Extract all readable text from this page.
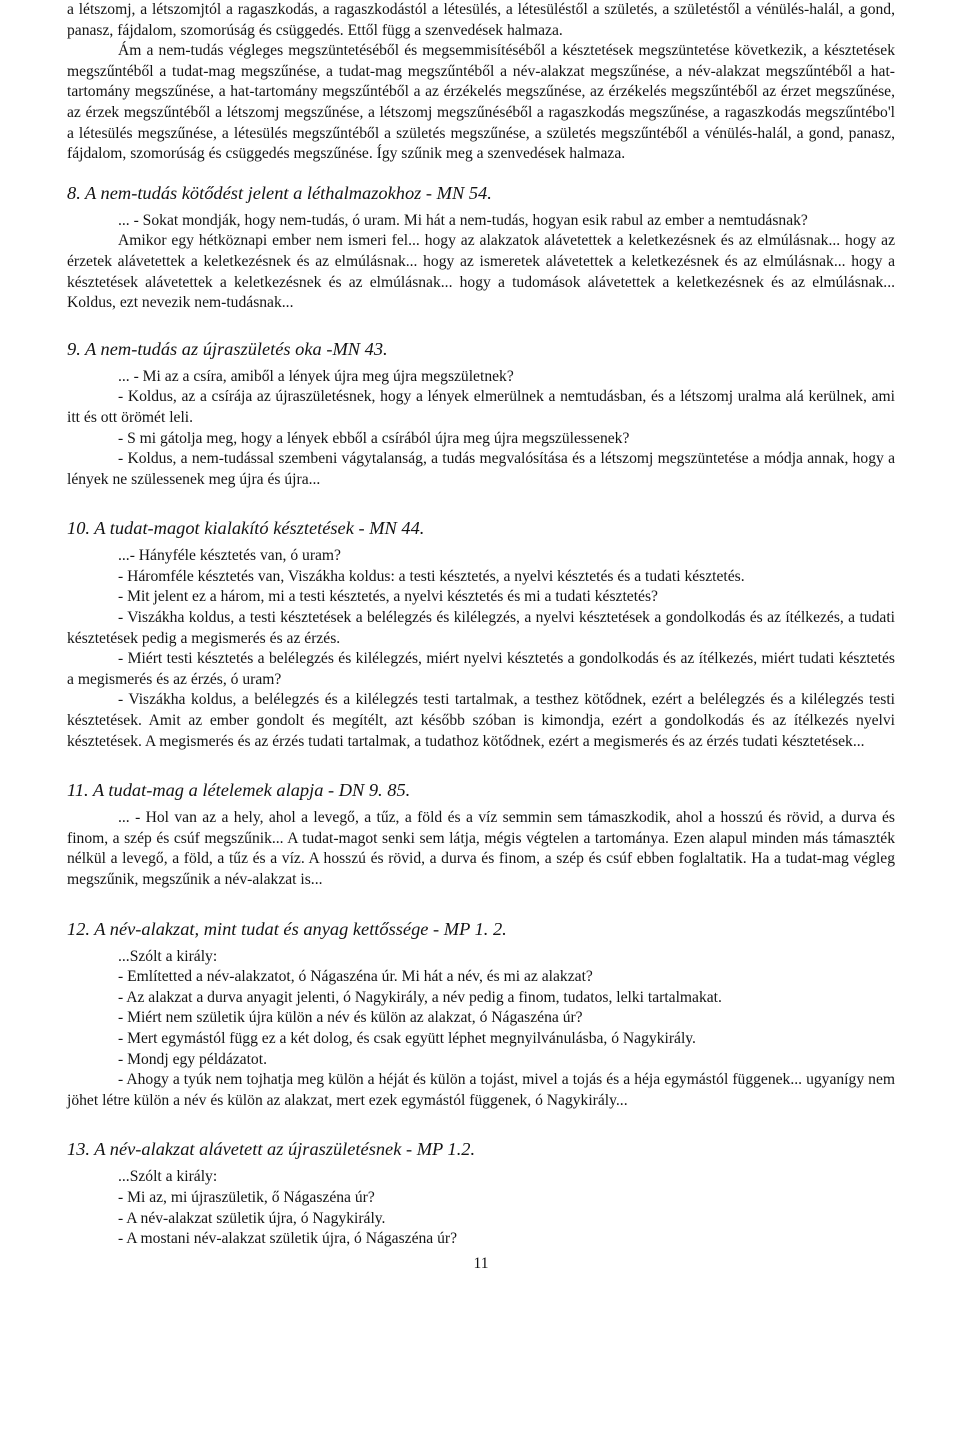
a létszomj, a létszomjtól a ragaszkodás, a ragaszkodástól a létesülés, a létesüléstől a születés, a születéstől a vénülés-halál, a gond, panasz, fájdalom, szomorúság és csüggedés. Ettől függ a szenvedések halmaza.

Ám a nem-tudás végleges megszüntetéséből és megsemmisítéséből a késztetések megszüntetése következik, a késztetések megszűntéből a tudat-mag megszűnése, a tudat-mag megszűntéből a név-alakzat megszűnése, a név-alakzat megszűntéből a hat-tartomány megszűnése, a hat-tartomány megszűntéből a az érzékelés megszűnése, az érzékelés megszűntéből az érzet megszűnése, az érzek megszűntéből a létszomj megszűnése, a létszomj megszűnéséből a ragaszkodás megszűnése, a ragaszkodás megszűntébo'l a létesülés megszűnése, a létesülés megszűntéből a születés megszűnése, a születés megszűntéből a vénülés-halál, a gond, panasz, fájdalom, szomorúság és csüggedés megszűnése. Így szűnik meg a szenvedések halmaza.

8. A nem-tudás kötődést jelent a léthalmazokhoz - MN 54.

... - Sokat mondják, hogy nem-tudás, ó uram. Mi hát a nem-tudás, hogyan esik rabul az ember a nemtudásnak?

Amikor egy hétköznapi ember nem ismeri fel... hogy az alakzatok alávetettek a keletkezésnek és az elmúlásnak... hogy az érzetek alávetettek a keletkezésnek és az elmúlásnak... hogy az ismeretek alávetettek a keletkezésnek és az elmúlásnak... hogy a késztetések alávetettek a keletkezésnek és az elmúlásnak... hogy a tudomások alávetettek a keletkezésnek és az elmúlásnak... Koldus, ezt nevezik nem-tudásnak...

9. A nem-tudás az újraszületés oka -MN 43.

... - Mi az a csíra, amiből a lények újra meg újra megszületnek?

- Koldus, az a csírája az újraszületésnek, hogy a lények elmerülnek a nemtudásban, és a létszomj uralma alá kerülnek, ami itt és ott örömét leli.

- S mi gátolja meg, hogy a lények ebből a csírából újra meg újra megszülessenek?

- Koldus, a nem-tudással szembeni vágytalanság, a tudás megvalósítása és a létszomj megszüntetése a módja annak, hogy a lények ne szülessenek meg újra és újra...

10. A tudat-magot kialakító késztetések - MN 44.

...- Hányféle késztetés van, ó uram?

- Háromféle késztetés van, Viszákha koldus: a testi késztetés, a nyelvi késztetés és a tudati késztetés.

- Mit jelent ez a három, mi a testi késztetés, a nyelvi késztetés és mi a tudati késztetés?

- Viszákha koldus, a testi késztetések a belélegzés és kilélegzés, a nyelvi késztetések a gondolkodás és az ítélkezés, a tudati késztetések pedig a megismerés és az érzés.

- Miért testi késztetés a belélegzés és kilélegzés, miért nyelvi késztetés a gondolkodás és az ítélkezés, miért tudati késztetés a megismerés és az érzés, ó uram?

- Viszákha koldus, a belélegzés és a kilélegzés testi tartalmak, a testhez kötődnek, ezért a belélegzés és a kilélegzés testi késztetések. Amit az ember gondolt és megítélt, azt később szóban is kimondja, ezért a gondolkodás és az ítélkezés nyelvi késztetések. A megismerés és az érzés tudati tartalmak, a tudathoz kötődnek, ezért a megismerés és az érzés tudati késztetések...

11. A tudat-mag a lételemek alapja - DN 9. 85.

... - Hol van az a hely, ahol a levegő, a tűz, a föld és a víz semmin sem támaszkodik, ahol a hosszú és rövid, a durva és finom, a szép és csúf megszűnik... A tudat-magot senki sem látja, mégis végtelen a tartománya. Ezen alapul minden más támaszték nélkül a levegő, a föld, a tűz és a víz. A hosszú és rövid, a durva és finom, a szép és csúf ebben foglaltatik. Ha a tudat-mag végleg megszűnik, megszűnik a név-alakzat is...

12. A név-alakzat, mint tudat és anyag kettőssége - MP 1. 2.

...Szólt a király:

- Említetted a név-alakzatot, ó Nágaszéna úr. Mi hát a név, és mi az alakzat?

- Az alakzat a durva anyagit jelenti, ó Nagykirály, a név pedig a finom, tudatos, lelki tartalmakat.

- Miért nem születik újra külön a név és külön az alakzat, ó Nágaszéna úr?

- Mert egymástól függ ez a két dolog, és csak együtt léphet megnyilvánulásba, ó Nagykirály.

- Mondj egy példázatot.

- Ahogy a tyúk nem tojhatja meg külön a héját és külön a tojást, mivel a tojás és a héja egymástól függenek... ugyanígy nem jöhet létre külön a név és külön az alakzat, mert ezek egymástól függenek, ó Nagykirály...

13. A név-alakzat alávetett az újraszületésnek - MP 1.2.

...Szólt a király:

- Mi az, mi újraszületik, ő Nágaszéna úr?

- A név-alakzat születik újra, ó Nagykirály.

- A mostani név-alakzat születik újra, ó Nágaszéna úr?

11
